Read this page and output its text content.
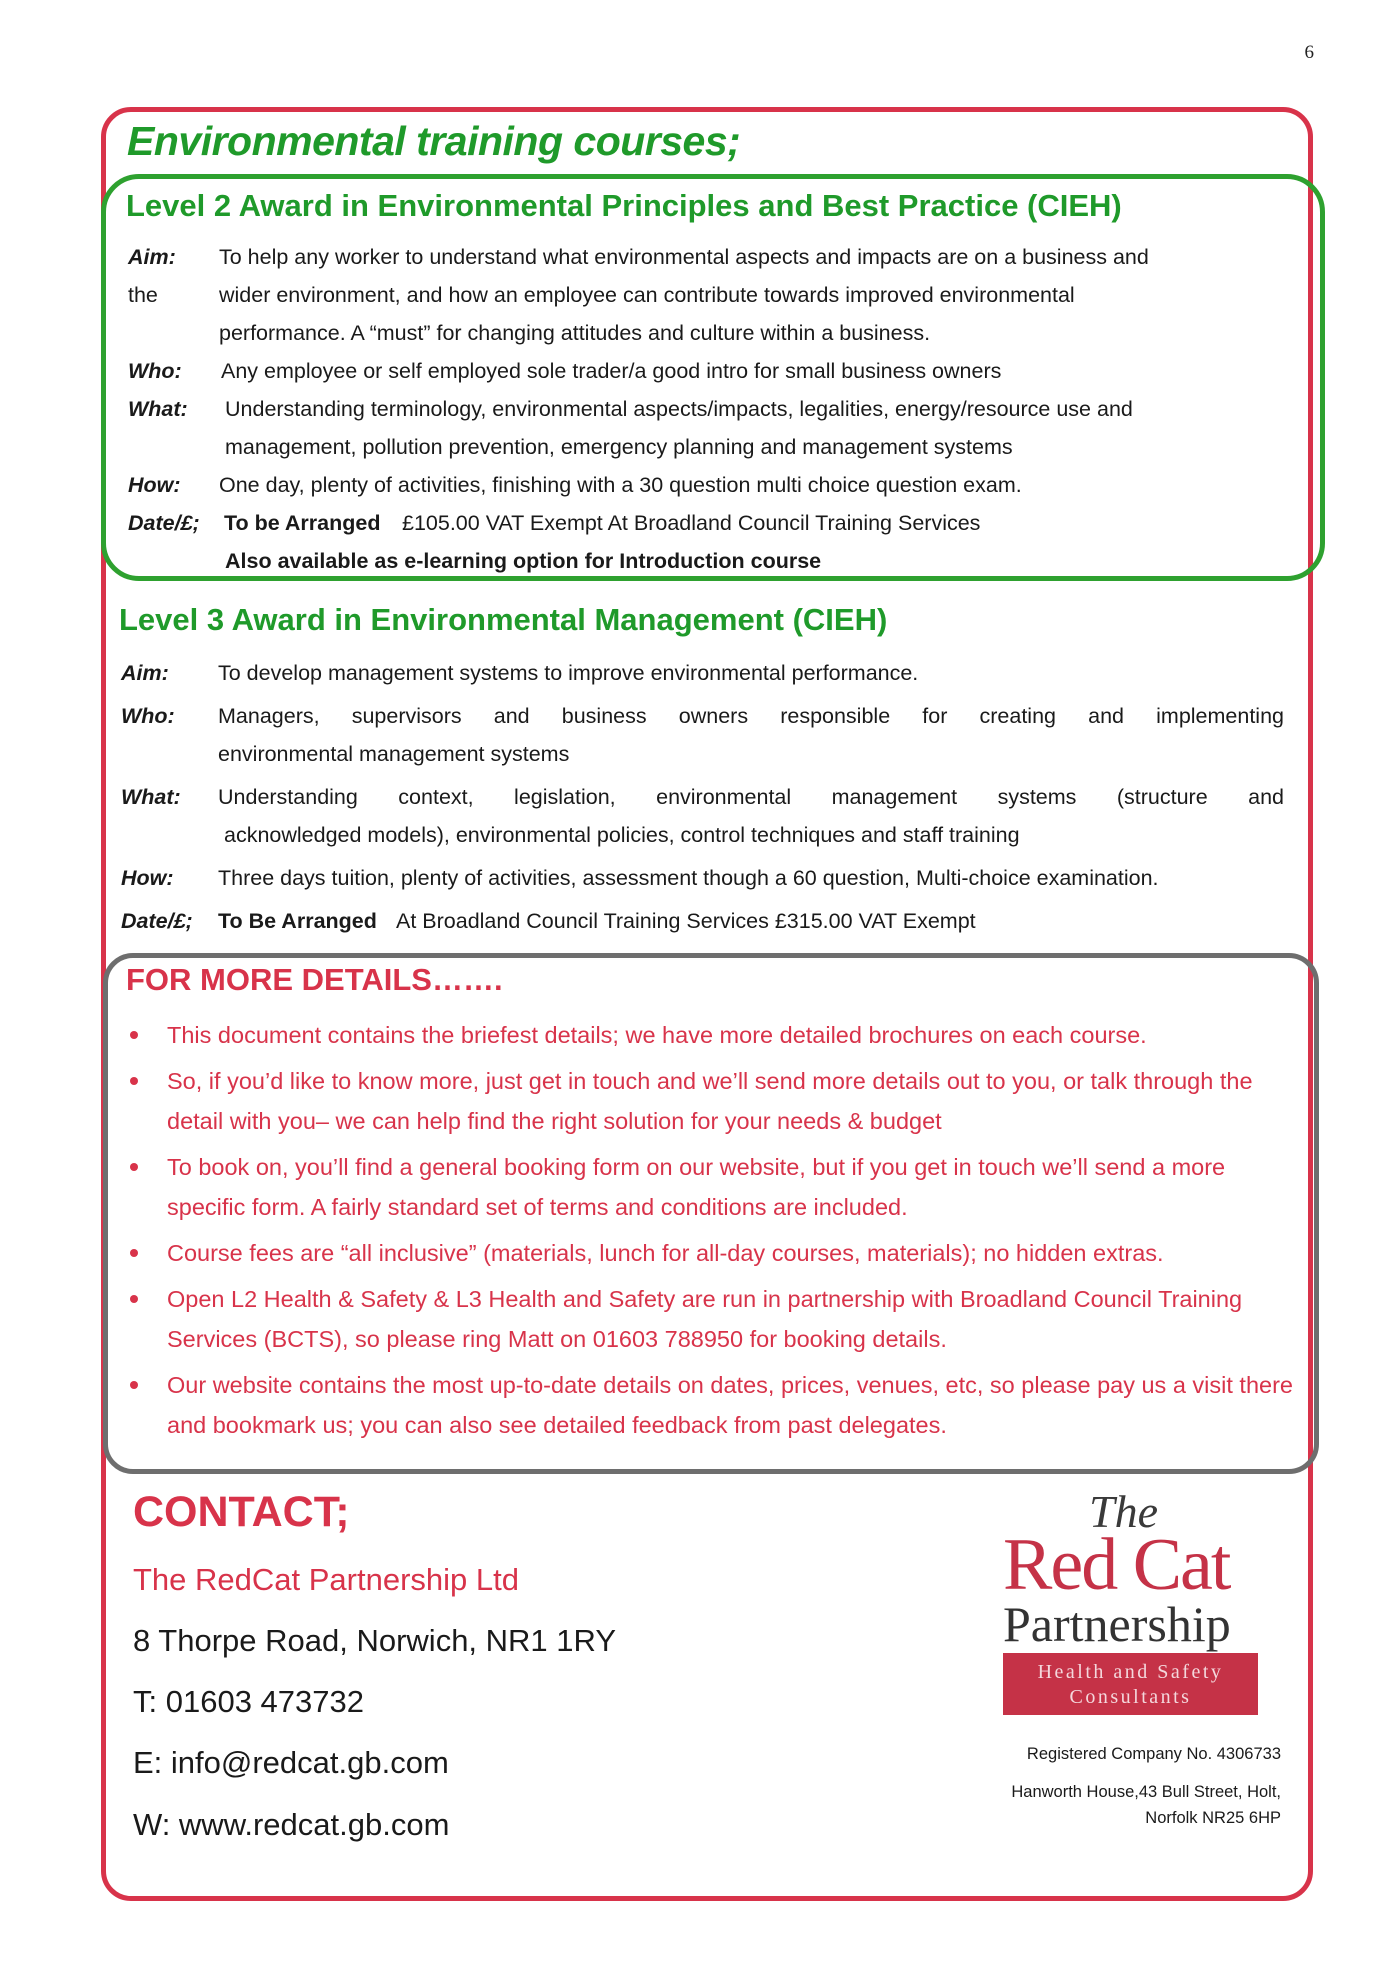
6
Environmental training courses;
Level 2 Award in Environmental Principles and Best Practice (CIEH)
Aim: To help any worker to understand what environmental aspects and impacts are on a business and
the	wider environment, and how an employee can contribute towards improved environmental
performance. A “must” for changing attitudes and culture within a business.
Who: Any employee or self employed sole trader/a good intro for small business owners
What: Understanding terminology, environmental aspects/impacts, legalities, energy/resource use and
management, pollution prevention, emergency planning and management systems
How: One day, plenty of activities, finishing with a 30 question multi choice question exam.
Date/£; To be Arranged £105.00 VAT Exempt At Broadland Council Training Services
Also available as e-learning option for Introduction course
Level 3 Award in Environmental Management (CIEH)
Aim: To develop management systems to improve environmental performance.
Who: Managers, supervisors and business owners responsible for creating and implementing
environmental management systems
What: Understanding context, legislation, environmental management systems (structure and
acknowledged models), environmental policies, control techniques and staff training
How: Three days tuition, plenty of activities, assessment though a 60 question, Multi-choice examination.
Date/£; To Be Arranged At Broadland Council Training Services £315.00 VAT Exempt
FOR MORE DETAILS…….
This document contains the briefest details; we have more detailed brochures on each course.
So, if you’d like to know more, just get in touch and we’ll send more details out to you, or talk through the detail with you– we can help find the right solution for your needs & budget
To book on, you’ll find a general booking form on our website, but if you get in touch we’ll send a more specific form. A fairly standard set of terms and conditions are included.
Course fees are “all inclusive” (materials, lunch for all-day courses, materials); no hidden extras.
Open L2 Health & Safety & L3 Health and Safety are run in partnership with Broadland Council Training Services (BCTS), so please ring Matt on 01603 788950 for booking details.
Our website contains the most up-to-date details on dates, prices, venues, etc, so please pay us a visit there and bookmark us; you can also see detailed feedback from past delegates.
CONTACT;
The RedCat Partnership Ltd
8 Thorpe Road, Norwich, NR1 1RY
T: 01603 473732
E: info@redcat.gb.com
W: www.redcat.gb.com
The
Red Cat
Partnership
Health and Safety
Consultants
Registered Company No. 4306733
Hanworth House,43 Bull Street, Holt,
Norfolk NR25 6HP
